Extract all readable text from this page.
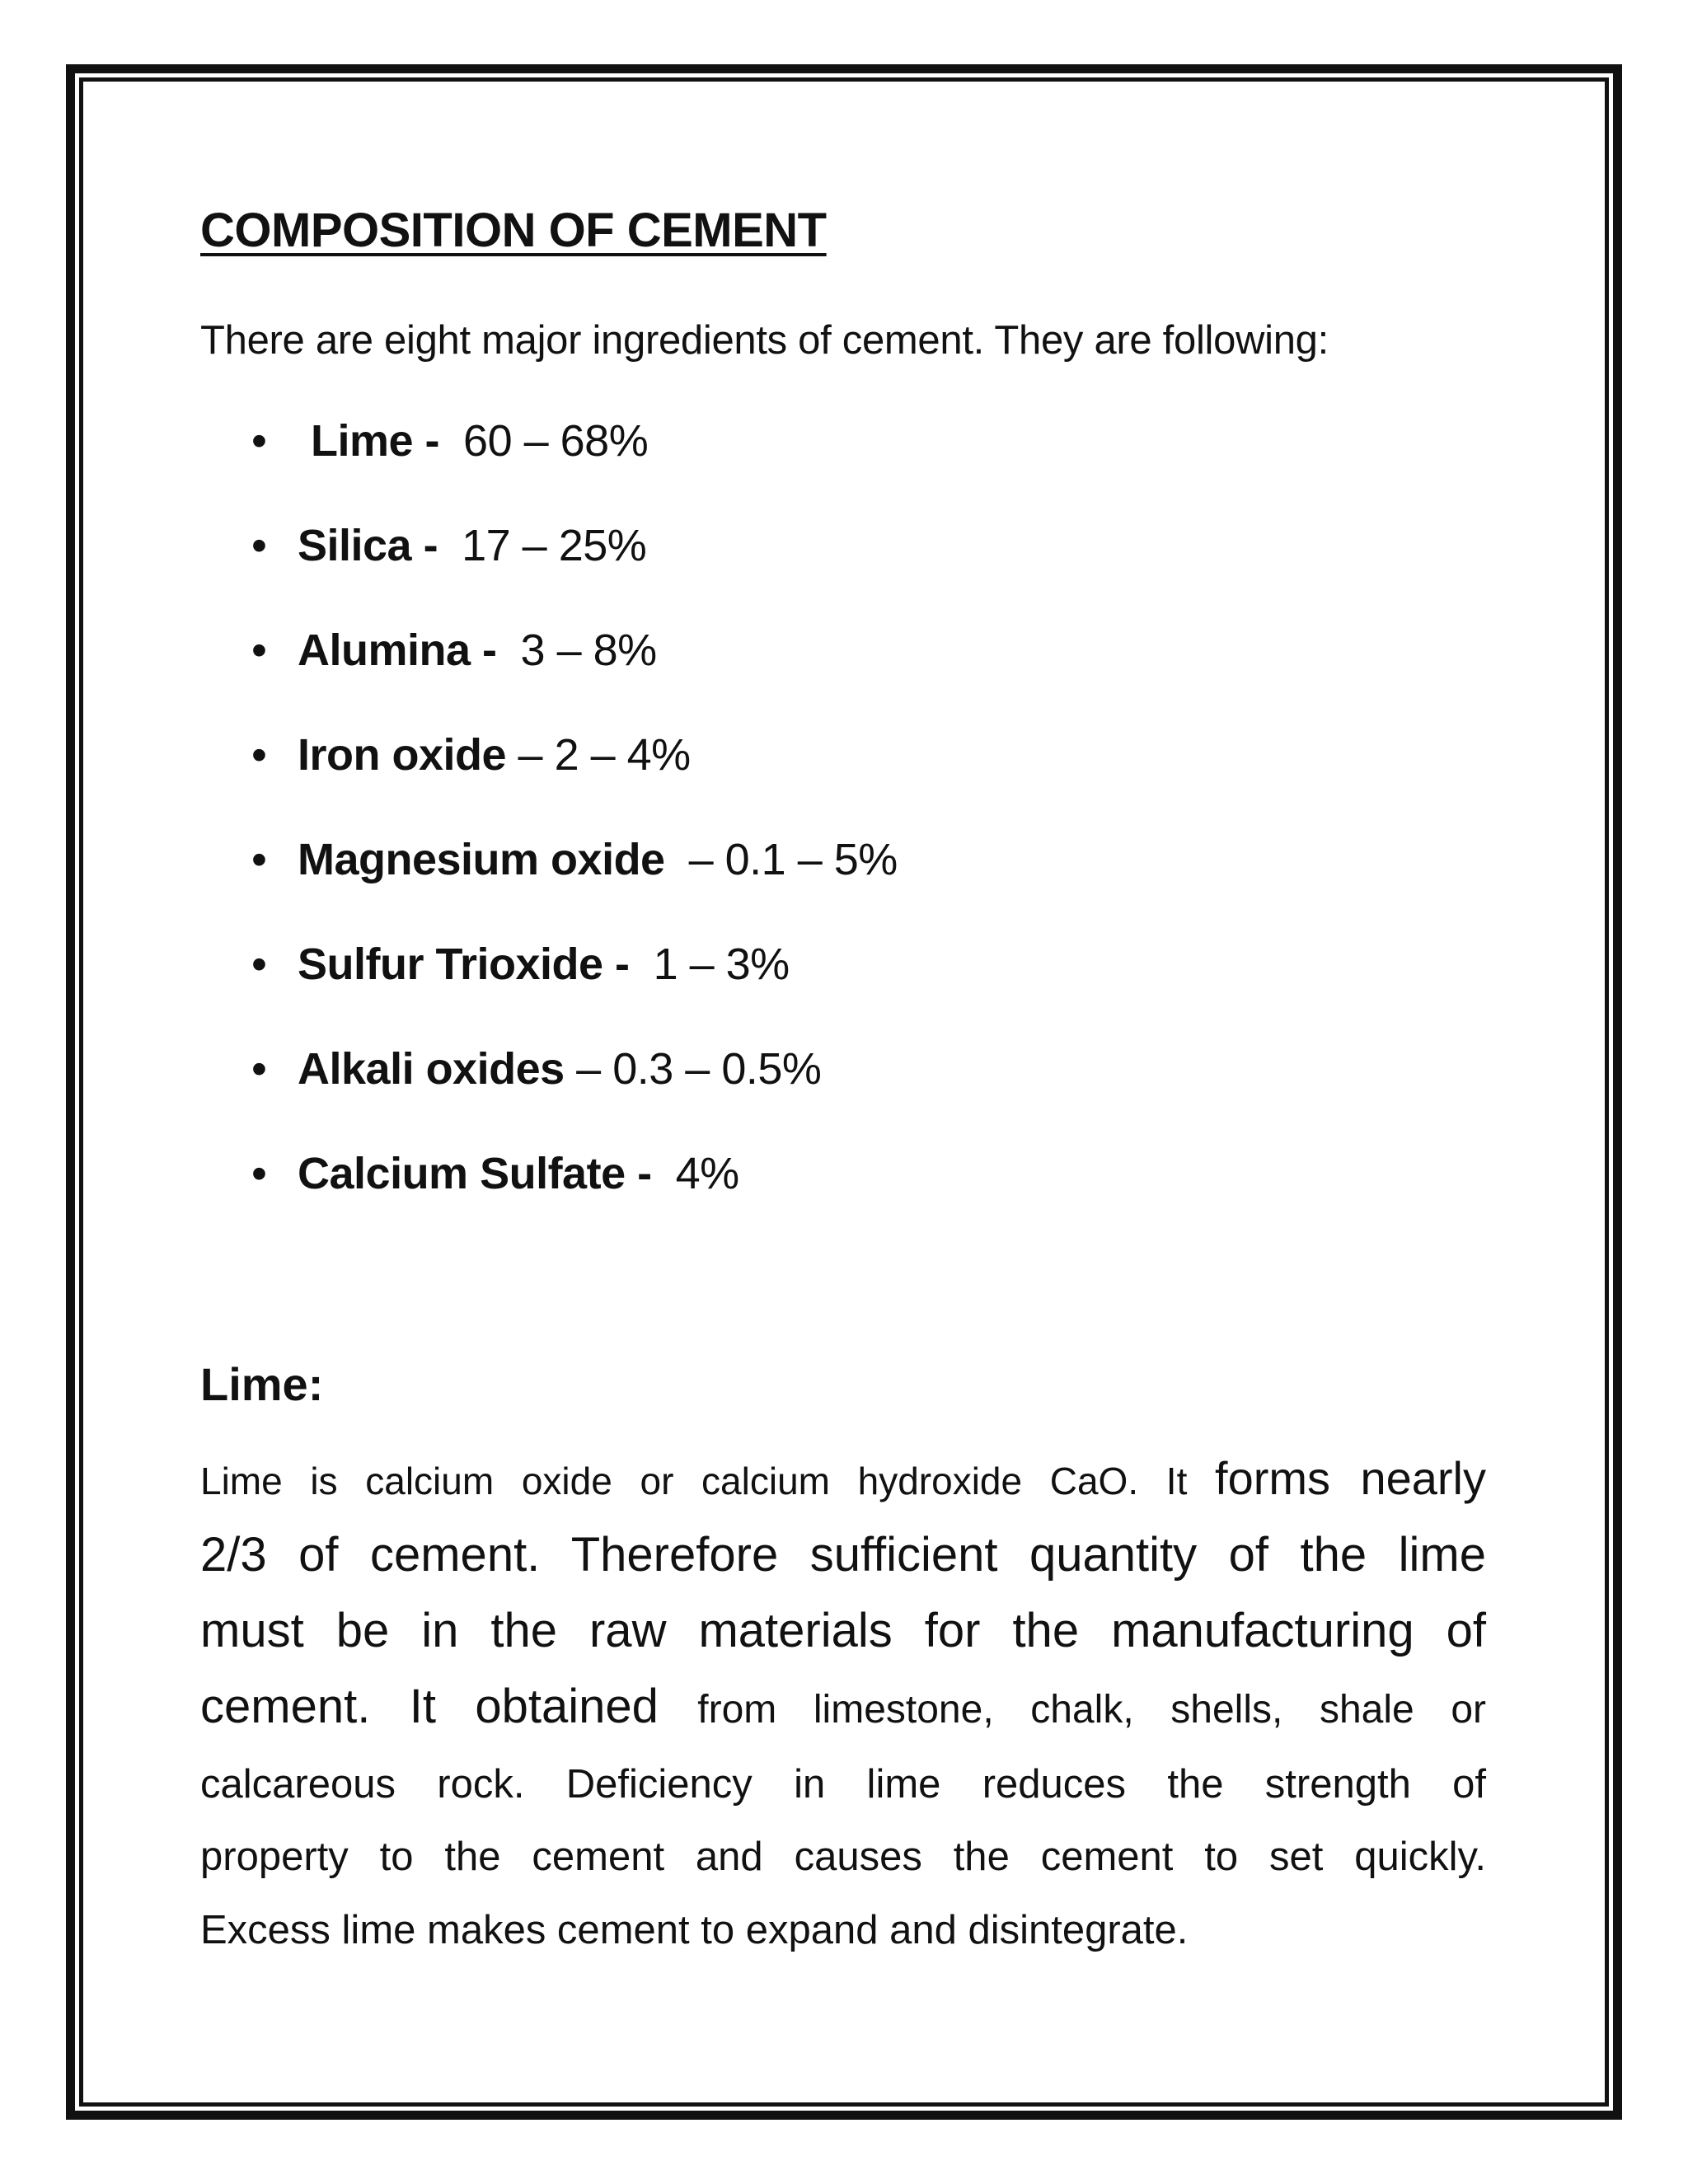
COMPOSITION OF CEMENT

There are eight major ingredients of cement. They are following:

• Lime - 60 – 68%
• Silica - 17 – 25%
• Alumina - 3 – 8%
• Iron oxide – 2 – 4%
• Magnesium oxide – 0.1 – 5%
• Sulfur Trioxide - 1 – 3%
• Alkali oxides – 0.3 – 0.5%
• Calcium Sulfate - 4%
Lime:
Lime is calcium oxide or calcium hydroxide CaO. It forms nearly
2/3 of cement. Therefore sufficient quantity of the lime
must be in the raw materials for the manufacturing of
cement. It obtained from limestone, chalk, shells, shale or
calcareous rock. Deficiency in lime reduces the strength of
property to the cement and causes the cement to set quickly.
Excess lime makes cement to expand and disintegrate.
